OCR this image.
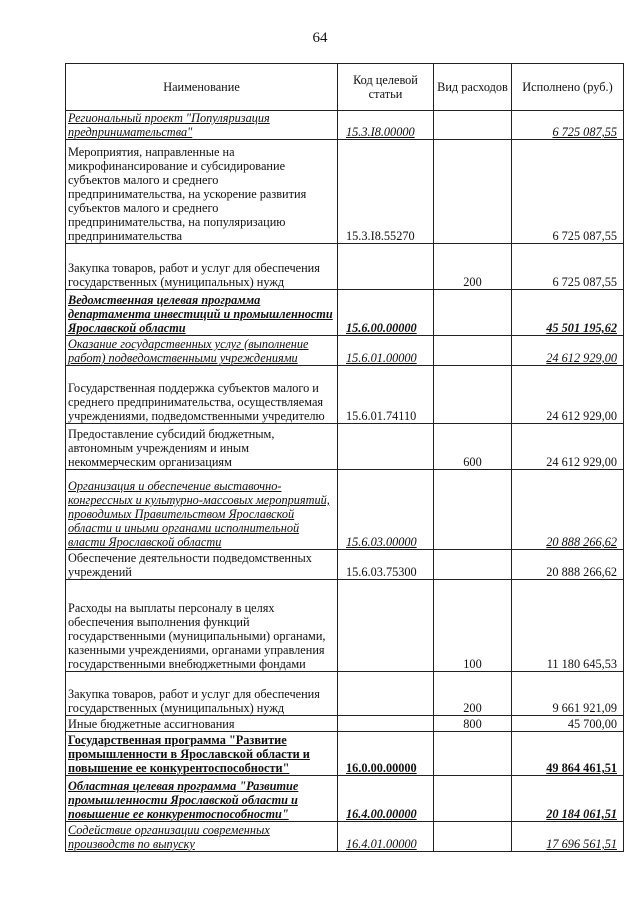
64
Наименование	Код целевой статьи	Вид расходов	Исполнено (руб.)
Региональный проект "Популяризация предпринимательства"	15.3.I8.00000		6 725 087,55
Мероприятия, направленные на микрофинансирование и субсидирование субъектов малого и среднего предпринимательства, на ускорение развития субъектов малого и среднего предпринимательства, на популяризацию предпринимательства	15.3.I8.55270		6 725 087,55
Закупка товаров, работ и услуг для обеспечения государственных (муниципальных) нужд		200	6 725 087,55
Ведомственная целевая программа департамента инвестиций и промышленности Ярославской области	15.6.00.00000		45 501 195,62
Оказание государственных услуг (выполнение работ) подведомственными учреждениями	15.6.01.00000		24 612 929,00
Государственная поддержка субъектов малого и среднего предпринимательства, осуществляемая учреждениями, подведомственными учредителю	15.6.01.74110		24 612 929,00
Предоставление субсидий бюджетным, автономным учреждениям и иным некоммерческим организациям		600	24 612 929,00
Организация и обеспечение выставочно-конгрессных и культурно-массовых мероприятий, проводимых Правительством Ярославской области и иными органами исполнительной власти Ярославской области	15.6.03.00000		20 888 266,62
Обеспечение деятельности подведомственных учреждений	15.6.03.75300		20 888 266,62
Расходы на выплаты персоналу в целях обеспечения выполнения функций государственными (муниципальными) органами, казенными учреждениями, органами управления государственными внебюджетными фондами		100	11 180 645,53
Закупка товаров, работ и услуг для обеспечения государственных (муниципальных) нужд		200	9 661 921,09
Иные бюджетные ассигнования		800	45 700,00
Государственная программа "Развитие промышленности в Ярославской области и повышение ее конкурентоспособности"	16.0.00.00000		49 864 461,51
Областная целевая программа "Развитие промышленности Ярославской области и повышение ее конкурентоспособности"	16.4.00.00000		20 184 061,51
Содействие организации современных производств по выпуску	16.4.01.00000		17 696 561,51
